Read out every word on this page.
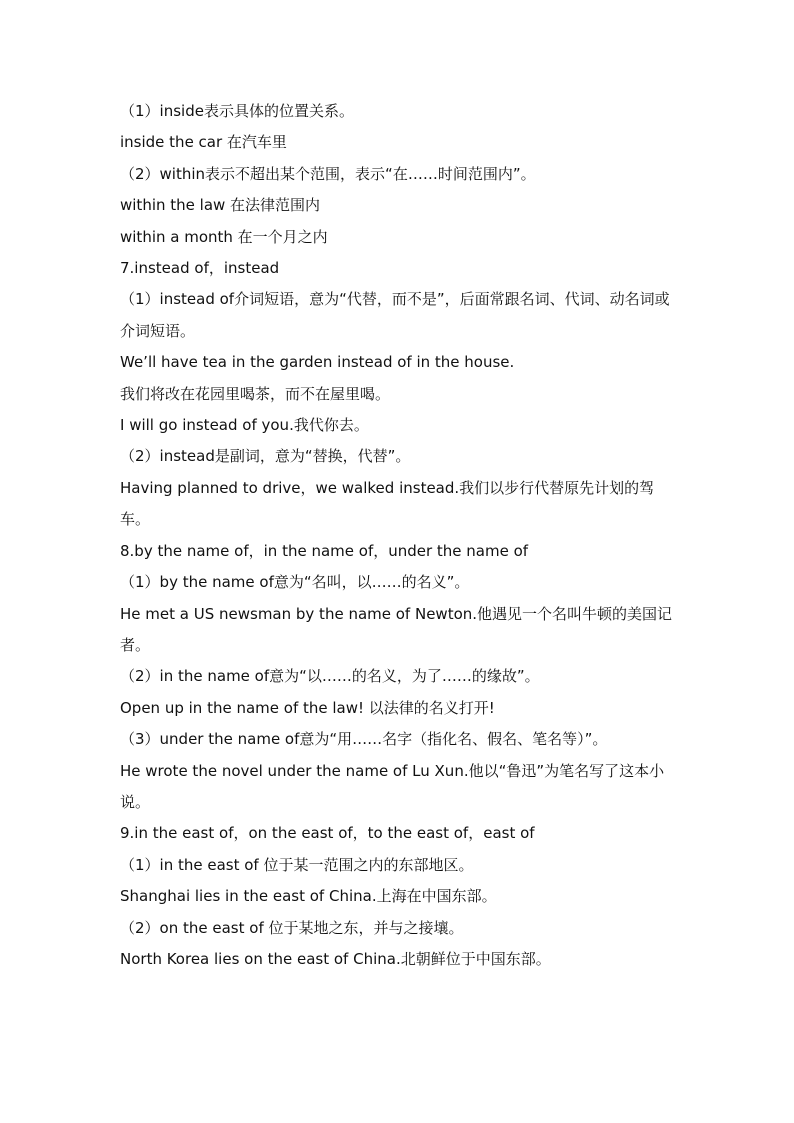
（1）inside表示具体的位置关系。

inside the car 在汽车里

（2）within表示不超出某个范围，表示“在……时间范围内”。

within the law 在法律范围内

within a month 在一个月之内

7.instead of，instead

（1）instead of介词短语，意为“代替，而不是”，后面常跟名词、代词、动名词或介词短语。

We’ll have tea in the garden instead of in the house.

我们将改在花园里喝茶，而不在屋里喝。

I will go instead of you.我代你去。

（2）instead是副词，意为“替换，代替”。

Having planned to drive，we walked instead.我们以步行代替原先计划的驾车。

8.by the name of，in the name of，under the name of

（1）by the name of意为“名叫，以……的名义”。

He met a US newsman by the name of Newton.他遇见一个名叫牛顿的美国记者。

（2）in the name of意为“以……的名义，为了……的缘故”。

Open up in the name of the law! 以法律的名义打开!

（3）under the name of意为“用……名字（指化名、假名、笔名等）”。

He wrote the novel under the name of Lu Xun.他以“鲁迅”为笔名写了这本小说。

9.in the east of，on the east of，to the east of，east of

（1）in the east of 位于某一范围之内的东部地区。

Shanghai lies in the east of China.上海在中国东部。

（2）on the east of 位于某地之东，并与之接壤。

North Korea lies on the east of China.北朝鲜位于中国东部。
